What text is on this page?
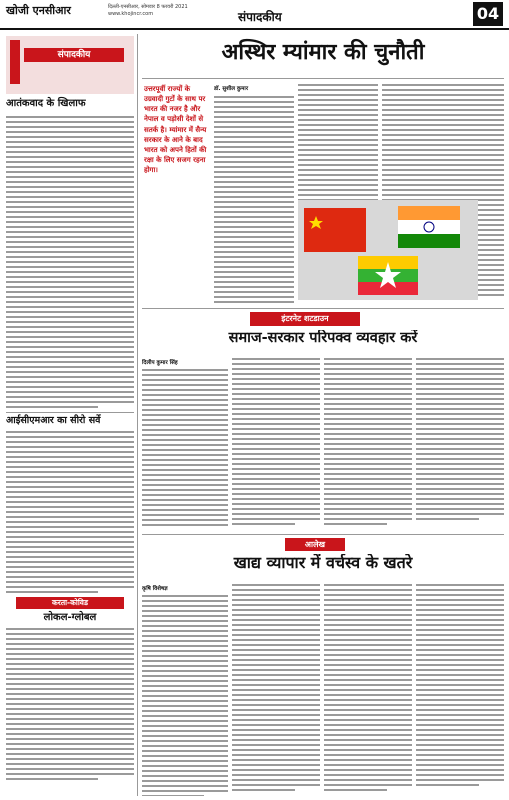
खोजी एनसीआर	दिल्ली-एनसीआर, सोमवार 8 फरवरी 2021
www.khojincr.com	संपादकीय	04
संपादकीय
आतंकवाद के खिलाफ
आईसीएमआर का सीरो सर्वे
करता-कोविड
लोकल-ग्लोबल
अस्थिर म्यांमार की चुनौती
उत्तरपूर्वी राज्यों के उग्रवादी गुटों के साथ पर भारत की नजर है और नेपाल व पड़ोसी देशों से सतर्क है। म्यांमार में सैन्य सरकार के आने के बाद भारत को अपने हितों की रक्षा के लिए सजग रहना होगा।
डॉ. सुशील कुमार
इंटरनेट शटडाउन
समाज-सरकार परिपक्व व्यवहार करें
दिलीप कुमार सिंह
आलेख
खाद्य व्यापार में वर्चस्व के खतरे
कृषि विशेषज्ञ
